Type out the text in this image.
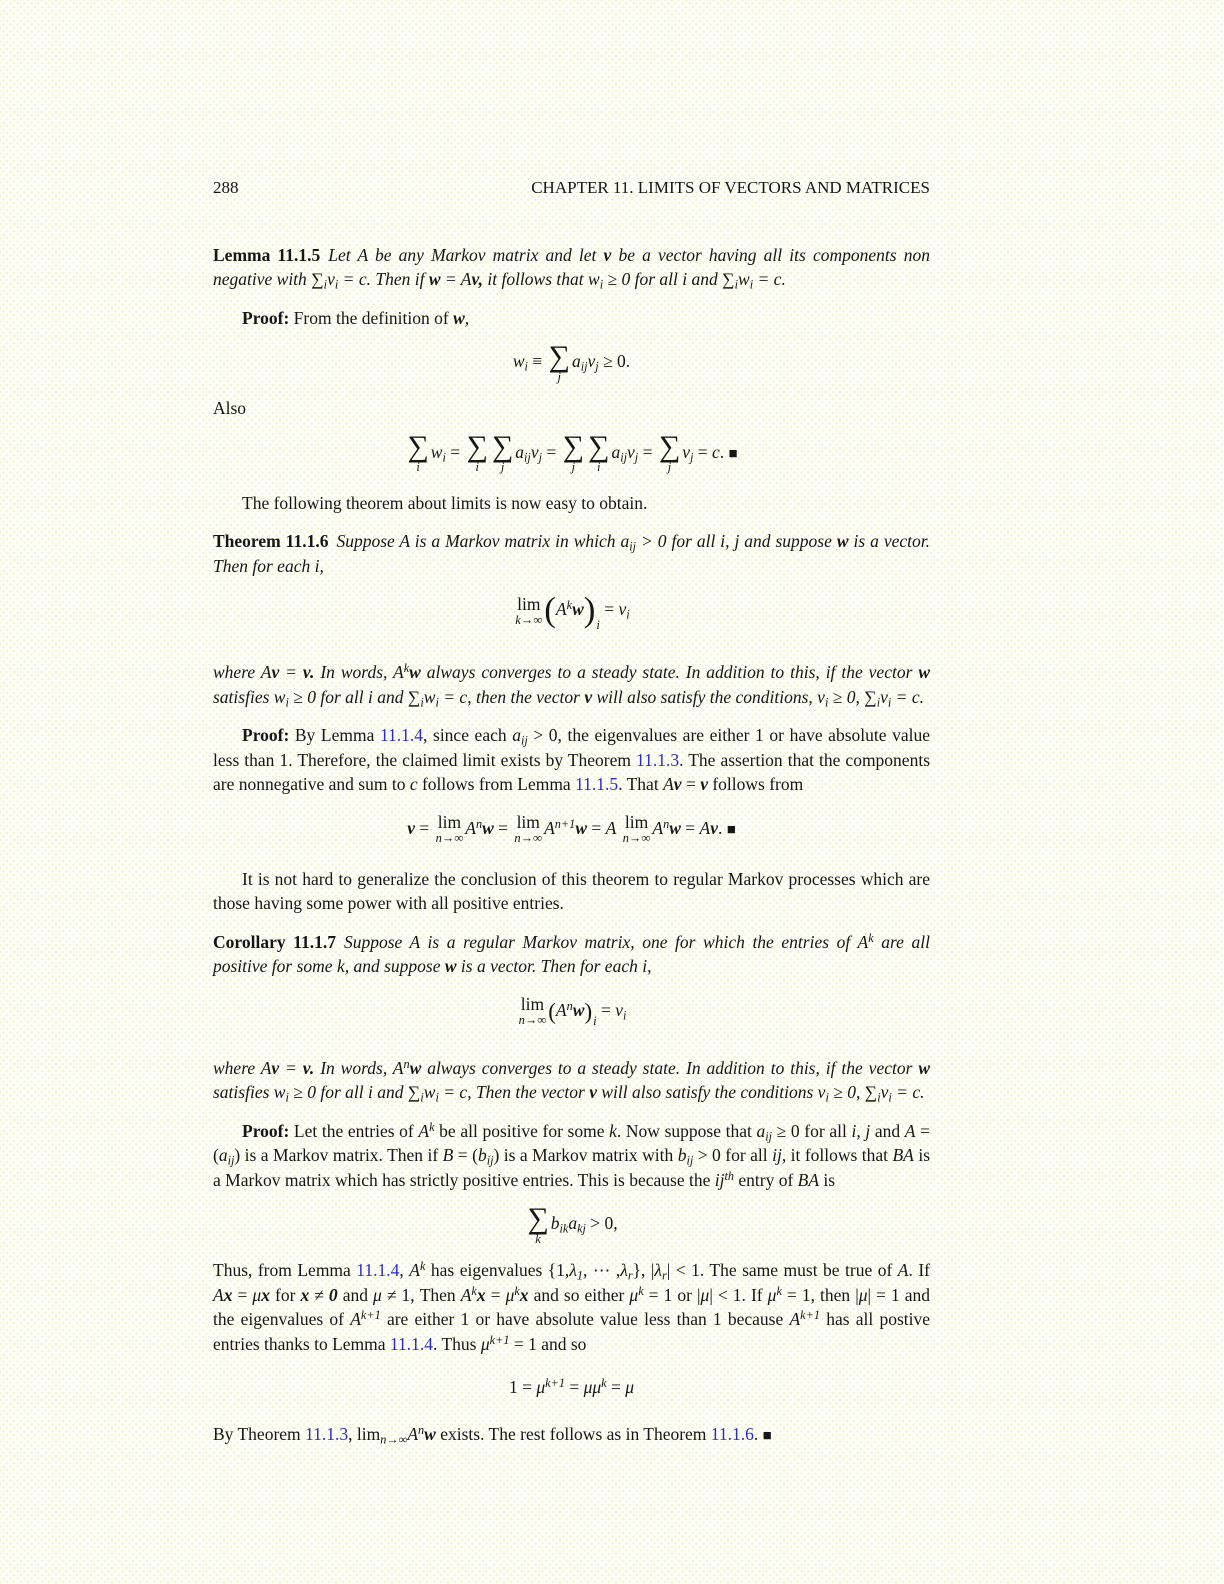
288	CHAPTER 11. LIMITS OF VECTORS AND MATRICES
Lemma 11.1.5 Let A be any Markov matrix and let v be a vector having all its components non negative with $\sum_iv_i = c$. Then if w = Av, it follows that $w_i \ge 0$ for all i and $\sum_iw_i = c$.
Proof: From the definition of w,
$w_i$ ≡ ∑
j
$a_{ij}v_j \ge 0$.
Also
∑
i
$w_i$ = ∑
i
∑
j
$a_{ij}v_j$ = ∑
j
∑
i
$a_{ij}v_j$ = ∑
j
$v_j = c$. ■
The following theorem about limits is now easy to obtain.
Theorem 11.1.6 Suppose A is a Markov matrix in which $a_{ij} > 0$ for all i, j and suppose w is a vector. Then for each i,
lim
k→∞ $(A^kw)_i = v_i$
where Av = v. In words, $A^kw$ always converges to a steady state. In addition to this, if the vector w satisfies $w_i \ge 0$ for all i and $\sum_iw_i = c$, then the vector v will also satisfy the conditions, $v_i \ge 0$, $\sum_iv_i = c$.
Proof: By Lemma 11.1.4, since each $a_{ij} > 0$, the eigenvalues are either 1 or have absolute value less than 1. Therefore, the claimed limit exists by Theorem 11.1.3. The assertion that the components are nonnegative and sum to c follows from Lemma 11.1.5. That Av = v follows from
v = lim
n→∞
$A^nw = \lim$
n→∞
$A^{n+1}w = A$ lim
n→∞
$A^nw = Av$. ■
It is not hard to generalize the conclusion of this theorem to regular Markov processes which are those having some power with all positive entries.
Corollary 11.1.7 Suppose A is a regular Markov matrix, one for which the entries of $A^k$ are all positive for some k, and suppose w is a vector. Then for each i,
lim
n→∞ $(A^nw)_i = v_i$
where Av = v. In words, $A^nw$ always converges to a steady state. In addition to this, if the vector w satisfies $w_i \ge 0$ for all i and $\sum_iw_i = c$, Then the vector v will also satisfy the conditions $v_i \ge 0$, $\sum_iv_i = c$.
Proof: Let the entries of $A^k$ be all positive for some k. Now suppose that $a_{ij} \ge 0$ for all i, j and $A = (a_{ij})$ is a Markov matrix. Then if $B = (b_{ij})$ is a Markov matrix with $b_{ij} > 0$ for all ij, it follows that BA is a Markov matrix which has strictly positive entries. This is because the $ij^{th}$ entry of BA is
∑
k
$b_{ik}a_{kj} > 0$,
Thus, from Lemma 11.1.4, $A^k$ has eigenvalues {$1,\lambda_1$, ⋯ $,\lambda_r$}, $|\lambda_r| < 1$. The same must be true of A. If Ax = μx for x ≠ 0 and μ ≠ 1, Then $A^kx = \mu^kx$ and so either $\mu^k = 1$ or |μ| < 1. If $\mu^k = 1$, then |μ| = 1 and the eigenvalues of $A^{k+1}$ are either 1 or have absolute value less than 1 because $A^{k+1}$ has all postive entries thanks to Lemma 11.1.4. Thus $\mu^{k+1} = 1$ and so
$1 = \mu^{k+1} = \mu\mu^k = \mu$
By Theorem 11.1.3, $\lim_{n\to\infty}A^nw$ exists. The rest follows as in Theorem 11.1.6. ■
